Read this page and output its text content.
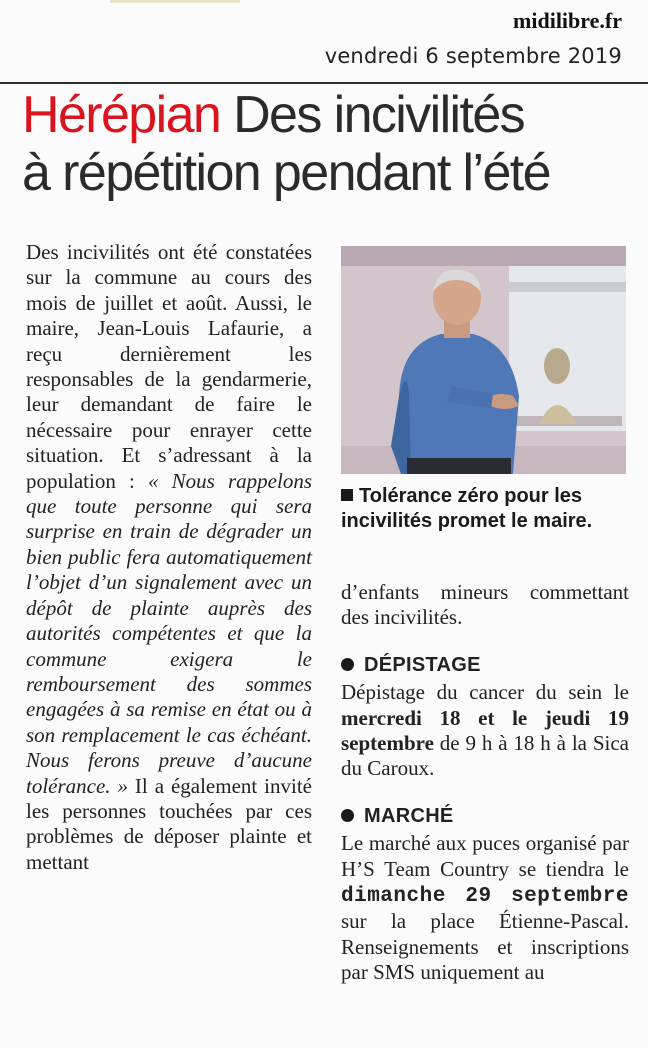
midilibre.fr
vendredi 6 septembre 2019
Hérépian Des incivilités
à répétition pendant l’été

Des incivilités ont été constatées sur la commune au cours des mois de juillet et août. Aussi, le maire, Jean-Louis Lafaurie, a reçu dernièrement les responsables de la gendarmerie, leur demandant de faire le nécessaire pour enrayer cette situation. Et s’adressant à la population : « Nous rappelons que toute personne qui sera surprise en train de dégrader un bien public fera automatiquement l’objet d’un signalement avec un dépôt de plainte auprès des autorités compétentes et que la commune exigera le remboursement des sommes engagées à sa remise en état ou à son remplacement le cas échéant. Nous ferons preuve d’aucune tolérance. » Il a également invité les personnes touchées par ces problèmes de déposer plainte et mettant

Tolérance zéro pour les incivilités promet le maire.

d’enfants mineurs commettant des incivilités.

DÉPISTAGE

Dépistage du cancer du sein le mercredi 18 et le jeudi 19 septembre de 9 h à 18 h à la Sica du Caroux.

MARCHÉ

Le marché aux puces organisé par H’S Team Country se tiendra le dimanche 29 septembre sur la place Étienne-Pascal. Renseignements et inscriptions par SMS uniquement au
